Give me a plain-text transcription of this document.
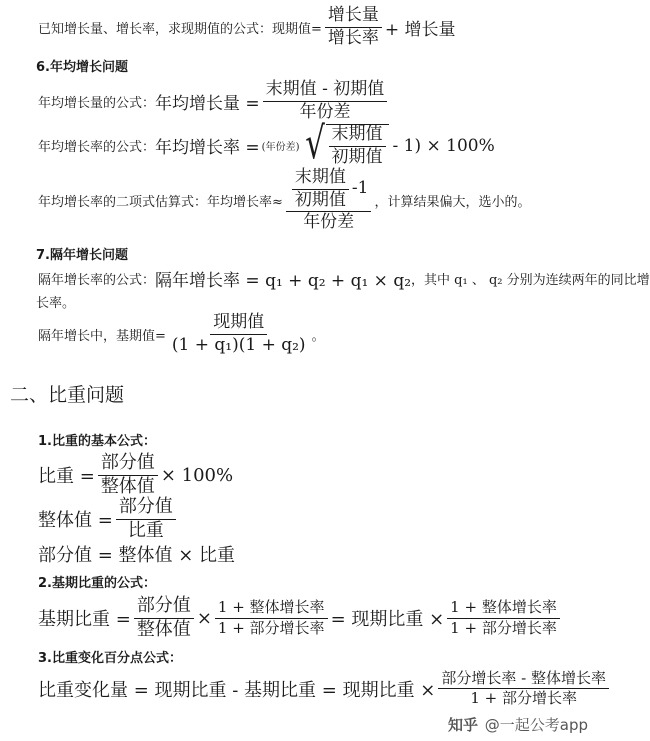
已知增长量、增长率，求现期值的公式：现期值= $\frac{\text{增长量}}{\text{增长率}}$ + 增长量
6.年均增长问题
年均增长量的公式： 年均增长量 = $\frac{\text{末期值 - 初期值}}{\text{年份差}}$
年均增长率的公式： 年均增长率 = (年份差) √ $\frac{\text{末期值}}{\text{初期值}} - 1) \times 100\%$
年均增长率的二项式估算式：年均增长率≈ $\frac{\frac{\text{末期值}}{\text{初期值}} -1}{\text{年份差}}$ ，计算结果偏大，选小的。
7.隔年增长问题
隔年增长率的公式： 隔年增长率 = q₁ + q₂ + q₁ × q₂ ，其中 q₁ 、 q₂ 分别为连续两年的同比增
长率。
隔年增长中，基期值= $\frac{\text{现期值}}{\text{(1 + q₁)(1 + q₂)}}$ 。
二、比重问题
1.比重的基本公式：
比重 = $\frac{\text{部分值}}{\text{整体值}} \times 100\%$
整体值 = $\frac{\text{部分值}}{\text{比重}}$
部分值 = 整体值 × 比重
2.基期比重的公式：
基期比重 = $\frac{\text{部分值}}{\text{整体值}} \times \frac{\text{1 + 整体增长率}}{\text{1 + 部分增长率}}$ = 现期比重 × $\frac{\text{1 + 整体增长率}}{\text{1 + 部分增长率}}$
3.比重变化百分点公式：
比重变化量 = 现期比重 - 基期比重 = 现期比重 × $\frac{\text{部分增长率 - 整体增长率}}{\text{1 + 部分增长率}}$
知乎 @一起公考app
